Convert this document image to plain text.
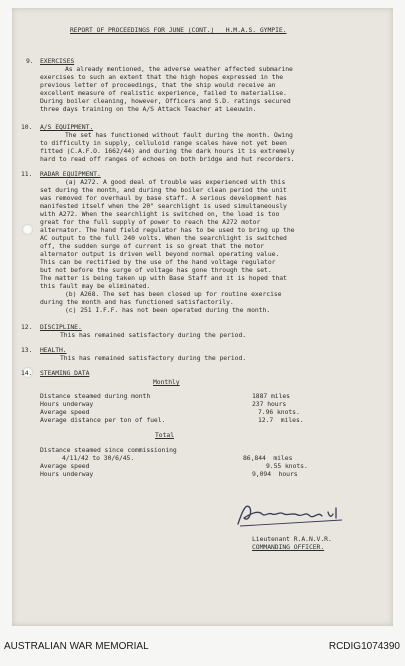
REPORT OF PROCEEDINGS FOR JUNE (CONT.)   H.M.A.S. GYMPIE.
9. EXERCISES
As already mentioned, the adverse weather affected submarine
exercises to such an extent that the high hopes expressed in the
previous letter of proceedings, that the ship would receive an
excellent measure of realistic experience, failed to materialise.
During boiler cleaning, however, Officers and S.D. ratings secured
three days training on the A/S Attack Teacher at Leeuwin.
10. A/S EQUIPMENT.
The set has functioned without fault during the month. Owing
to difficulty in supply, celluloid range scales have not yet been
fitted (C.A.F.O. 1662/44) and during the dark hours it is extremely
hard to read off ranges of echoes on both bridge and hut recorders.
11. RADAR EQUIPMENT.
(a) A272. A good deal of trouble was experienced with this
set during the month, and during the boiler clean period the unit
was removed for overhaul by base staff. A serious development has
manifested itself when the 20" searchlight is used simultaneously
with A272. When the searchlight is switched on, the load is too
great for the full supply of power to reach the A272 motor
alternator. The hand field regulator has to be used to bring up the
AC output to the full 240 volts. When the searchlight is switched
off, the sudden surge of current is so great that the motor
alternator output is driven well beyond normal operating value.
This can be rectified by the use of the hand voltage regulator
but not before the surge of voltage has gone through the set.
The matter is being taken up with Base Staff and it is hoped that
this fault may be eliminated.
(b) A268. The set has been closed up for routine exercise
during the month and has functioned satisfactorily.
(c) 251 I.F.F. has not been operated during the month.
12. DISCIPLINE.
This has remained satisfactory during the period.
13. HEALTH.
This has remained satisfactory during the period.
14. STEAMING DATA
Monthly
Distance steamed during month	1887 miles
Hours underway	237 hours
Average speed	7.96 knots.
Average distance per ton of fuel.	12.7  miles.
Total
Distance steamed since commissioning
4/11/42 to 30/6/45.	86,844  miles
Average speed	9.55 knots.
Hours underway	9,094  hours
Lieutenant R.A.N.V.R.
COMMANDING OFFICER.
AUSTRALIAN WAR MEMORIAL	RCDIG1074390
